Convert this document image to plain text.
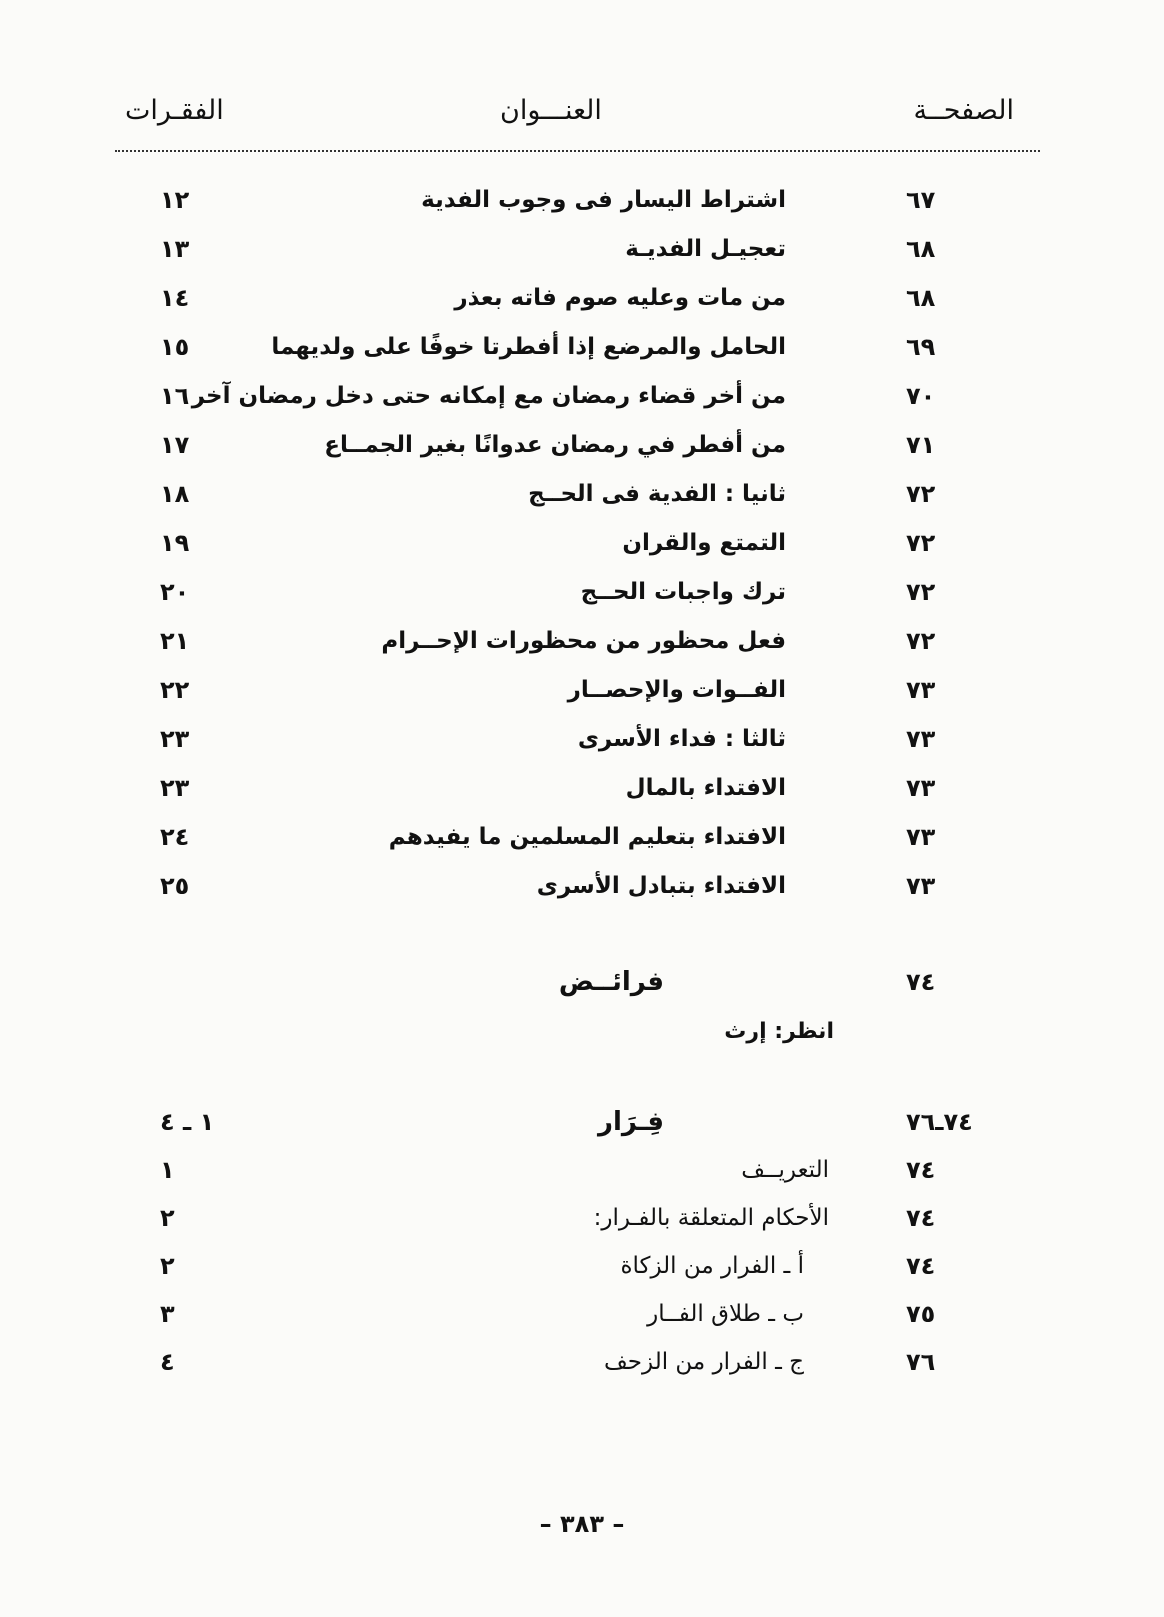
الصفحــة
العنـــوان
الفقـرات
٦٧
اشتراط اليسار فى وجوب الفدية
١٢
٦٨
تعجيـل الفديـة
١٣
٦٨
من مات وعليه صوم فاته بعذر
١٤
٦٩
الحامل والمرضع إذا أفطرتا خوفًا على ولديهما
١٥
٧٠
من أخر قضاء رمضان مع إمكانه حتى دخل رمضان آخر
١٦
٧١
من أفطر في رمضان عدوانًا بغير الجمــاع
١٧
٧٢
ثانيا : الفدية فى الحــج
١٨
٧٢
التمتع والقران
١٩
٧٢
ترك واجبات الحــج
٢٠
٧٢
فعل محظور من محظورات الإحــرام
٢١
٧٣
الفــوات والإحصــار
٢٢
٧٣
ثالثا : فداء الأسرى
٢٣
٧٣
الافتداء بالمال
٢٣
٧٣
الافتداء بتعليم المسلمين ما يفيدهم
٢٤
٧٣
الافتداء بتبادل الأسرى
٢٥
٧٤
فرائــض
انظر: إرث
٧٤ـ٧٦
فِـرَار
١ ـ ٤
٧٤
التعريــف
١
٧٤
الأحكام المتعلقة بالفـرار:
٢
٧٤
أ ـ الفرار من الزكاة
٢
٧٥
ب ـ طلاق الفــار
٣
٧٦
ج ـ الفرار من الزحف
٤
– ٣٨٣ –
